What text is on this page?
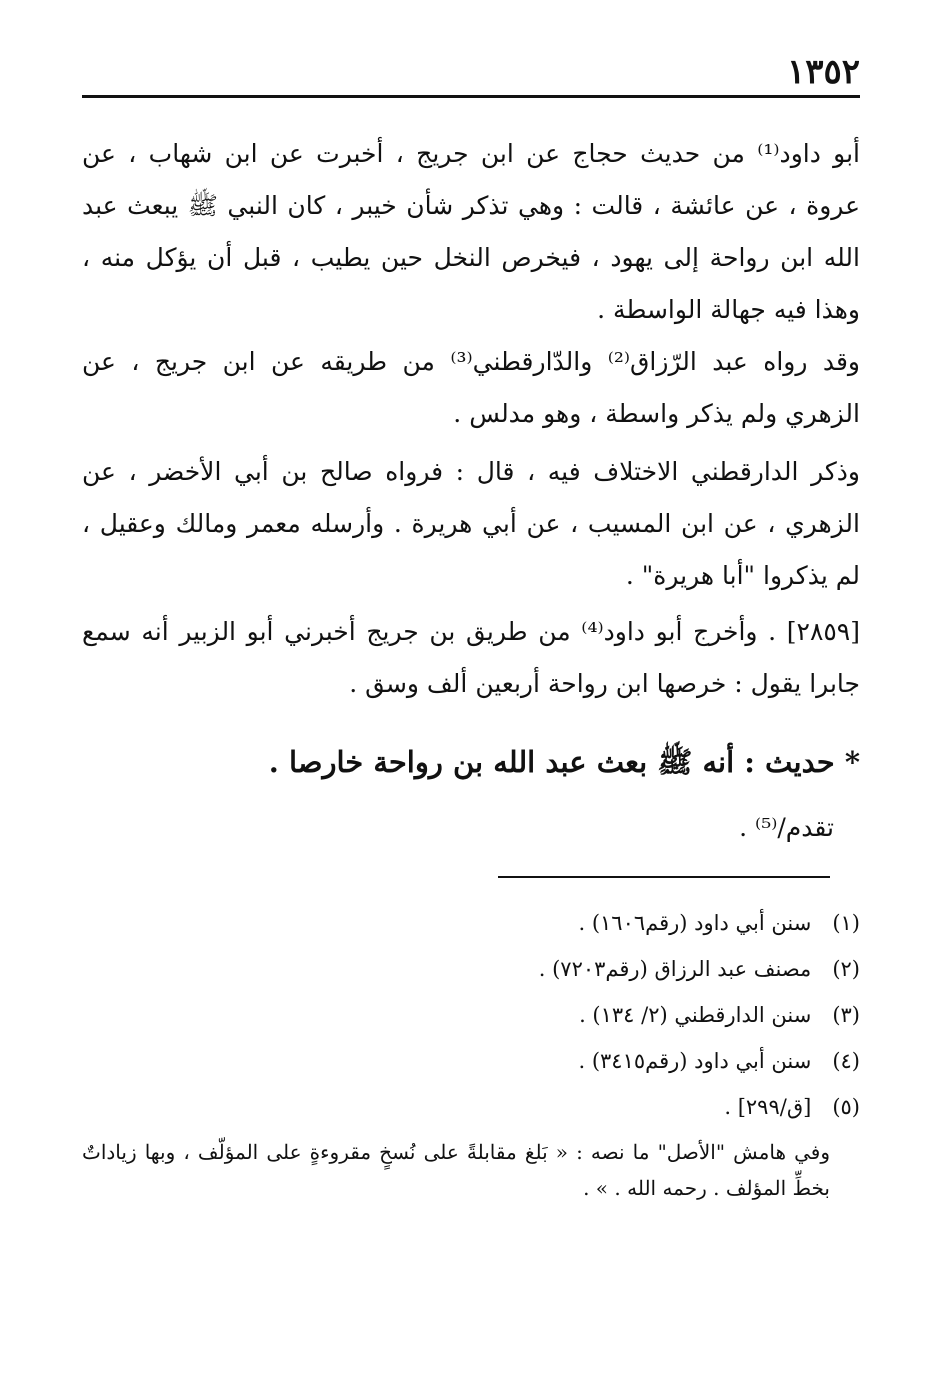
١٣٥٢

أبو داود⁽¹⁾ من حديث حجاج عن ابن جريج ، أخبرت عن ابن شهاب ، عن عروة ، عن عائشة ، قالت : وهي تذكر شأن خيبر ، كان النبي ﷺ يبعث عبد الله ابن رواحة إلى يهود ، فيخرص النخل حين يطيب ، قبل أن يؤكل منه ، وهذا فيه جهالة الواسطة .

وقد رواه عبد الرّزاق⁽²⁾ والدّارقطني⁽³⁾ من طريقه عن ابن جريج ، عن الزهري ولم يذكر واسطة ، وهو مدلس .

وذكر الدارقطني الاختلاف فيه ، قال : فرواه صالح بن أبي الأخضر ، عن الزهري ، عن ابن المسيب ، عن أبي هريرة . وأرسله معمر ومالك وعقيل ، لم يذكروا "أبا هريرة" .

[٢٨٥٩] . وأخرج أبو داود⁽⁴⁾ من طريق بن جريج أخبرني أبو الزبير أنه سمع جابرا يقول : خرصها ابن رواحة أربعين ألف وسق .

* حديث : أنه ﷺ بعث عبد الله بن رواحة خارصا .

تقدم/⁽⁵⁾ .

(١) سنن أبي داود (رقم١٦٠٦) .

(٢) مصنف عبد الرزاق (رقم٧٢٠٣) .

(٣) سنن الدارقطني (٢/ ١٣٤) .

(٤) سنن أبي داود (رقم٣٤١٥) .

(٥) [ق/٢٩٩] .

وفي هامش "الأصل" ما نصه : « بَلغ مقابلةً على نُسخٍ مقروءةٍ على المؤلّف ، وبها زياداتٌ بخطِّ المؤلف . رحمه الله . » .
